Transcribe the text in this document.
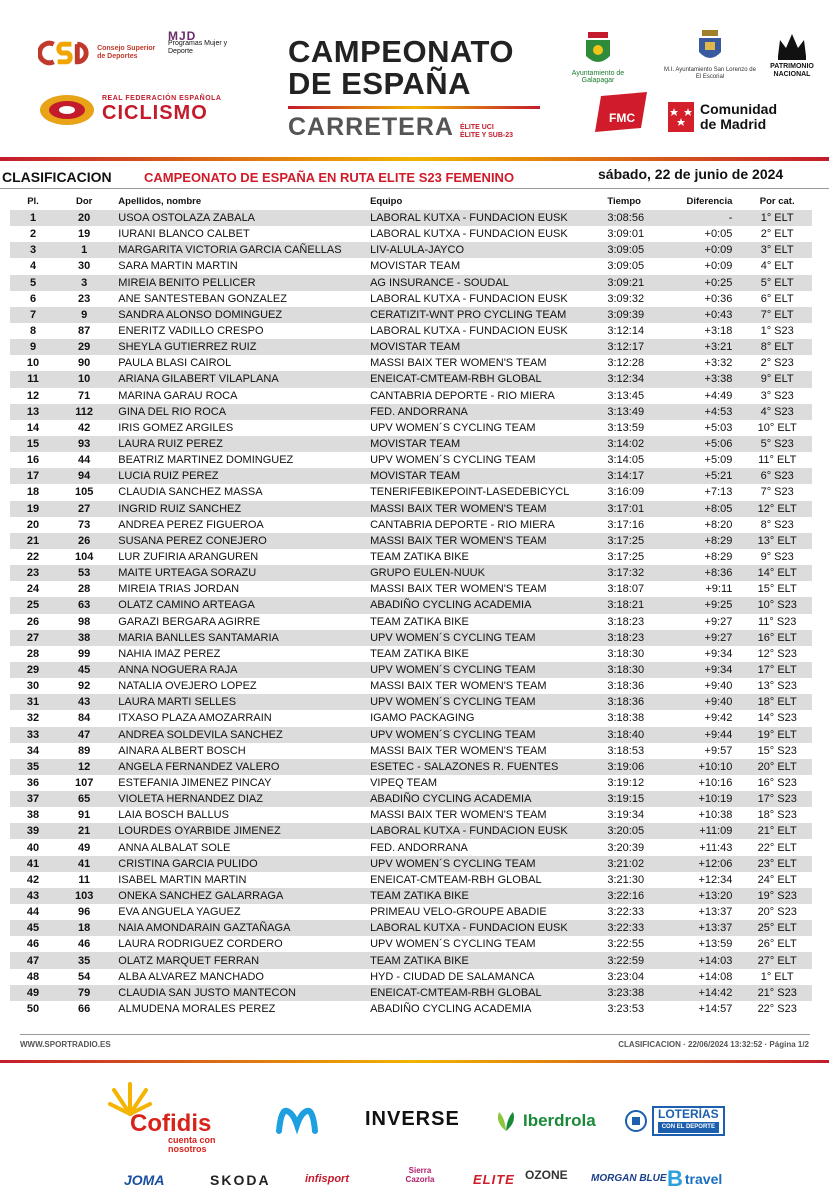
Consejo Superior de Deportes
MJD
Programas Mujer y Deporte
REAL FEDERACIÓN ESPAÑOLA
CICLISMO
CAMPEONATO
DE ESPAÑA
CARRETERA ÉLITE UCI
ÉLITE Y SUB-23
Ayuntamiento de Galapagar
M.I. Ayuntamiento San Lorenzo de El Escorial
PATRIMONIO NACIONAL
FMC
Comunidad de Madrid
CLASIFICACION CAMPEONATO DE ESPAÑA EN RUTA ELITE S23 FEMENINO	sábado, 22 de junio de 2024
Pl.	Dor	Apellidos, nombre	Equipo	Tiempo	Diferencia	Por cat.
1	20	USOA OSTOLAZA ZABALA	LABORAL KUTXA - FUNDACION EUSK	3:08:56	-	1° ELT
2	19	IURANI BLANCO CALBET	LABORAL KUTXA - FUNDACION EUSK	3:09:01	+0:05	2° ELT
3	1	MARGARITA VICTORIA GARCIA CAÑELLAS	LIV-ALULA-JAYCO	3:09:05	+0:09	3° ELT
4	30	SARA MARTIN MARTIN	MOVISTAR TEAM	3:09:05	+0:09	4° ELT
5	3	MIREIA BENITO PELLICER	AG INSURANCE - SOUDAL	3:09:21	+0:25	5° ELT
6	23	ANE SANTESTEBAN GONZALEZ	LABORAL KUTXA - FUNDACION EUSK	3:09:32	+0:36	6° ELT
7	9	SANDRA ALONSO DOMINGUEZ	CERATIZIT-WNT PRO CYCLING TEAM	3:09:39	+0:43	7° ELT
8	87	ENERITZ VADILLO CRESPO	LABORAL KUTXA - FUNDACION EUSK	3:12:14	+3:18	1° S23
9	29	SHEYLA GUTIERREZ RUIZ	MOVISTAR TEAM	3:12:17	+3:21	8° ELT
10	90	PAULA BLASI CAIROL	MASSI BAIX TER WOMEN'S TEAM	3:12:28	+3:32	2° S23
11	10	ARIANA GILABERT VILAPLANA	ENEICAT-CMTEAM-RBH GLOBAL	3:12:34	+3:38	9° ELT
12	71	MARINA GARAU ROCA	CANTABRIA DEPORTE - RIO MIERA	3:13:45	+4:49	3° S23
13	112	GINA DEL RIO ROCA	FED. ANDORRANA	3:13:49	+4:53	4° S23
14	42	IRIS GOMEZ ARGILES	UPV WOMEN´S CYCLING TEAM	3:13:59	+5:03	10° ELT
15	93	LAURA RUIZ PEREZ	MOVISTAR TEAM	3:14:02	+5:06	5° S23
16	44	BEATRIZ MARTINEZ DOMINGUEZ	UPV WOMEN´S CYCLING TEAM	3:14:05	+5:09	11° ELT
17	94	LUCIA RUIZ PEREZ	MOVISTAR TEAM	3:14:17	+5:21	6° S23
18	105	CLAUDIA SANCHEZ MASSA	TENERIFEBIKEPOINT-LASEDEBICYCL	3:16:09	+7:13	7° S23
19	27	INGRID RUIZ SANCHEZ	MASSI BAIX TER WOMEN'S TEAM	3:17:01	+8:05	12° ELT
20	73	ANDREA PEREZ FIGUEROA	CANTABRIA DEPORTE - RIO MIERA	3:17:16	+8:20	8° S23
21	26	SUSANA PEREZ CONEJERO	MASSI BAIX TER WOMEN'S TEAM	3:17:25	+8:29	13° ELT
22	104	LUR ZUFIRIA ARANGUREN	TEAM ZATIKA BIKE	3:17:25	+8:29	9° S23
23	53	MAITE URTEAGA SORAZU	GRUPO EULEN-NUUK	3:17:32	+8:36	14° ELT
24	28	MIREIA TRIAS JORDAN	MASSI BAIX TER WOMEN'S TEAM	3:18:07	+9:11	15° ELT
25	63	OLATZ CAMINO ARTEAGA	ABADIÑO CYCLING ACADEMIA	3:18:21	+9:25	10° S23
26	98	GARAZI BERGARA AGIRRE	TEAM ZATIKA BIKE	3:18:23	+9:27	11° S23
27	38	MARIA BANLLES SANTAMARIA	UPV WOMEN´S CYCLING TEAM	3:18:23	+9:27	16° ELT
28	99	NAHIA IMAZ PEREZ	TEAM ZATIKA BIKE	3:18:30	+9:34	12° S23
29	45	ANNA NOGUERA RAJA	UPV WOMEN´S CYCLING TEAM	3:18:30	+9:34	17° ELT
30	92	NATALIA OVEJERO LOPEZ	MASSI BAIX TER WOMEN'S TEAM	3:18:36	+9:40	13° S23
31	43	LAURA MARTI SELLES	UPV WOMEN´S CYCLING TEAM	3:18:36	+9:40	18° ELT
32	84	ITXASO PLAZA AMOZARRAIN	IGAMO PACKAGING	3:18:38	+9:42	14° S23
33	47	ANDREA SOLDEVILA SANCHEZ	UPV WOMEN´S CYCLING TEAM	3:18:40	+9:44	19° ELT
34	89	AINARA ALBERT BOSCH	MASSI BAIX TER WOMEN'S TEAM	3:18:53	+9:57	15° S23
35	12	ANGELA FERNANDEZ VALERO	ESETEC - SALAZONES R. FUENTES	3:19:06	+10:10	20° ELT
36	107	ESTEFANIA JIMENEZ PINCAY	VIPEQ TEAM	3:19:12	+10:16	16° S23
37	65	VIOLETA HERNANDEZ DIAZ	ABADIÑO CYCLING ACADEMIA	3:19:15	+10:19	17° S23
38	91	LAIA BOSCH BALLUS	MASSI BAIX TER WOMEN'S TEAM	3:19:34	+10:38	18° S23
39	21	LOURDES OYARBIDE JIMENEZ	LABORAL KUTXA - FUNDACION EUSK	3:20:05	+11:09	21° ELT
40	49	ANNA ALBALAT SOLE	FED. ANDORRANA	3:20:39	+11:43	22° ELT
41	41	CRISTINA GARCIA PULIDO	UPV WOMEN´S CYCLING TEAM	3:21:02	+12:06	23° ELT
42	11	ISABEL MARTIN MARTIN	ENEICAT-CMTEAM-RBH GLOBAL	3:21:30	+12:34	24° ELT
43	103	ONEKA SANCHEZ GALARRAGA	TEAM ZATIKA BIKE	3:22:16	+13:20	19° S23
44	96	EVA ANGUELA YAGUEZ	PRIMEAU VELO-GROUPE ABADIE	3:22:33	+13:37	20° S23
45	18	NAIA AMONDARAIN GAZTAÑAGA	LABORAL KUTXA - FUNDACION EUSK	3:22:33	+13:37	25° ELT
46	46	LAURA RODRIGUEZ CORDERO	UPV WOMEN´S CYCLING TEAM	3:22:55	+13:59	26° ELT
47	35	OLATZ MARQUET FERRAN	TEAM ZATIKA BIKE	3:22:59	+14:03	27° ELT
48	54	ALBA ALVAREZ MANCHADO	HYD - CIUDAD DE SALAMANCA	3:23:04	+14:08	1° ELT
49	79	CLAUDIA SAN JUSTO MANTECON	ENEICAT-CMTEAM-RBH GLOBAL	3:23:38	+14:42	21° S23
50	66	ALMUDENA MORALES PEREZ	ABADIÑO CYCLING ACADEMIA	3:23:53	+14:57	22° S23
WWW.SPORTRADIO.ES	CLASIFICACION · 22/06/2024 13:32:52 · Página 1/2
Cofidis
cuenta con
nosotros
INVERSE	Iberdrola	LOTERÍAS
CON EL DEPORTE
JOMA	SKODA	infisport
Sierra
Cazorla	ELITE OZONE MORGAN BLUE B travel
